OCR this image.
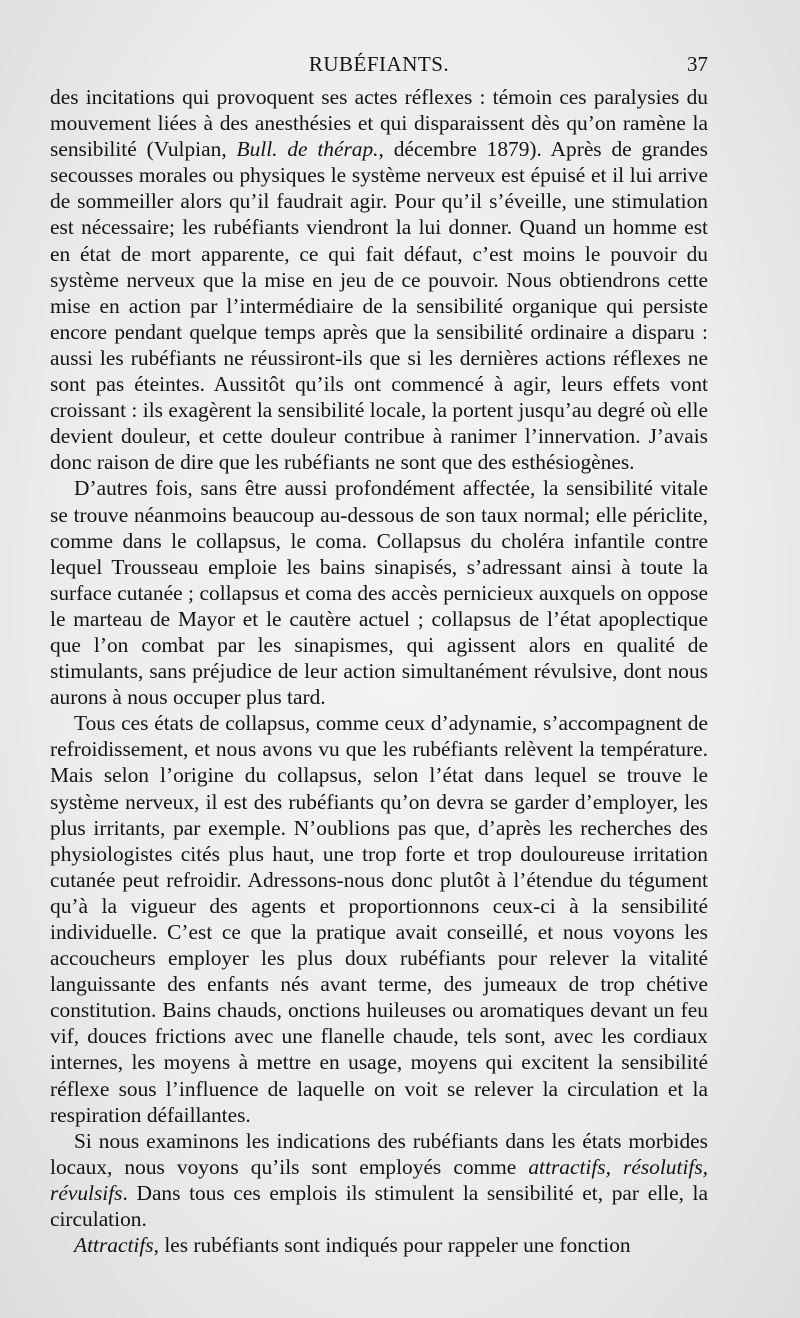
RUBÉFIANTS.	37

des incitations qui provoquent ses actes réflexes : témoin ces paralysies du mouvement liées à des anesthésies et qui disparaissent dès qu’on ramène la sensibilité (Vulpian, Bull. de thérap., décembre 1879). Après de grandes secousses morales ou physiques le système nerveux est épuisé et il lui arrive de sommeiller alors qu’il faudrait agir. Pour qu’il s’éveille, une stimulation est nécessaire; les rubéfiants viendront la lui donner. Quand un homme est en état de mort apparente, ce qui fait défaut, c’est moins le pouvoir du système nerveux que la mise en jeu de ce pouvoir. Nous obtiendrons cette mise en action par l’intermédiaire de la sensibilité organique qui persiste encore pendant quelque temps après que la sensibilité ordinaire a disparu : aussi les rubéfiants ne réussiront-ils que si les dernières actions réflexes ne sont pas éteintes. Aussitôt qu’ils ont commencé à agir, leurs effets vont croissant : ils exagèrent la sensibilité locale, la portent jusqu’au degré où elle devient douleur, et cette douleur contribue à ranimer l’innervation. J’avais donc raison de dire que les rubéfiants ne sont que des esthésiogènes.

D’autres fois, sans être aussi profondément affectée, la sensibilité vitale se trouve néanmoins beaucoup au-dessous de son taux normal; elle périclite, comme dans le collapsus, le coma. Collapsus du choléra infantile contre lequel Trousseau emploie les bains sinapisés, s’adressant ainsi à toute la surface cutanée ; collapsus et coma des accès pernicieux auxquels on oppose le marteau de Mayor et le cautère actuel ; collapsus de l’état apoplectique que l’on combat par les sinapismes, qui agissent alors en qualité de stimulants, sans préjudice de leur action simultanément révulsive, dont nous aurons à nous occuper plus tard.

Tous ces états de collapsus, comme ceux d’adynamie, s’accompagnent de refroidissement, et nous avons vu que les rubéfiants relèvent la température. Mais selon l’origine du collapsus, selon l’état dans lequel se trouve le système nerveux, il est des rubéfiants qu’on devra se garder d’employer, les plus irritants, par exemple. N’oublions pas que, d’après les recherches des physiologistes cités plus haut, une trop forte et trop douloureuse irritation cutanée peut refroidir. Adressons-nous donc plutôt à l’étendue du tégument qu’à la vigueur des agents et proportionnons ceux-ci à la sensibilité individuelle. C’est ce que la pratique avait conseillé, et nous voyons les accoucheurs employer les plus doux rubéfiants pour relever la vitalité languissante des enfants nés avant terme, des jumeaux de trop chétive constitution. Bains chauds, onctions huileuses ou aromatiques devant un feu vif, douces frictions avec une flanelle chaude, tels sont, avec les cordiaux internes, les moyens à mettre en usage, moyens qui excitent la sensibilité réflexe sous l’influence de laquelle on voit se relever la circulation et la respiration défaillantes.

Si nous examinons les indications des rubéfiants dans les états morbides locaux, nous voyons qu’ils sont employés comme attractifs, résolutifs, révulsifs. Dans tous ces emplois ils stimulent la sensibilité et, par elle, la circulation.

Attractifs, les rubéfiants sont indiqués pour rappeler une fonction
